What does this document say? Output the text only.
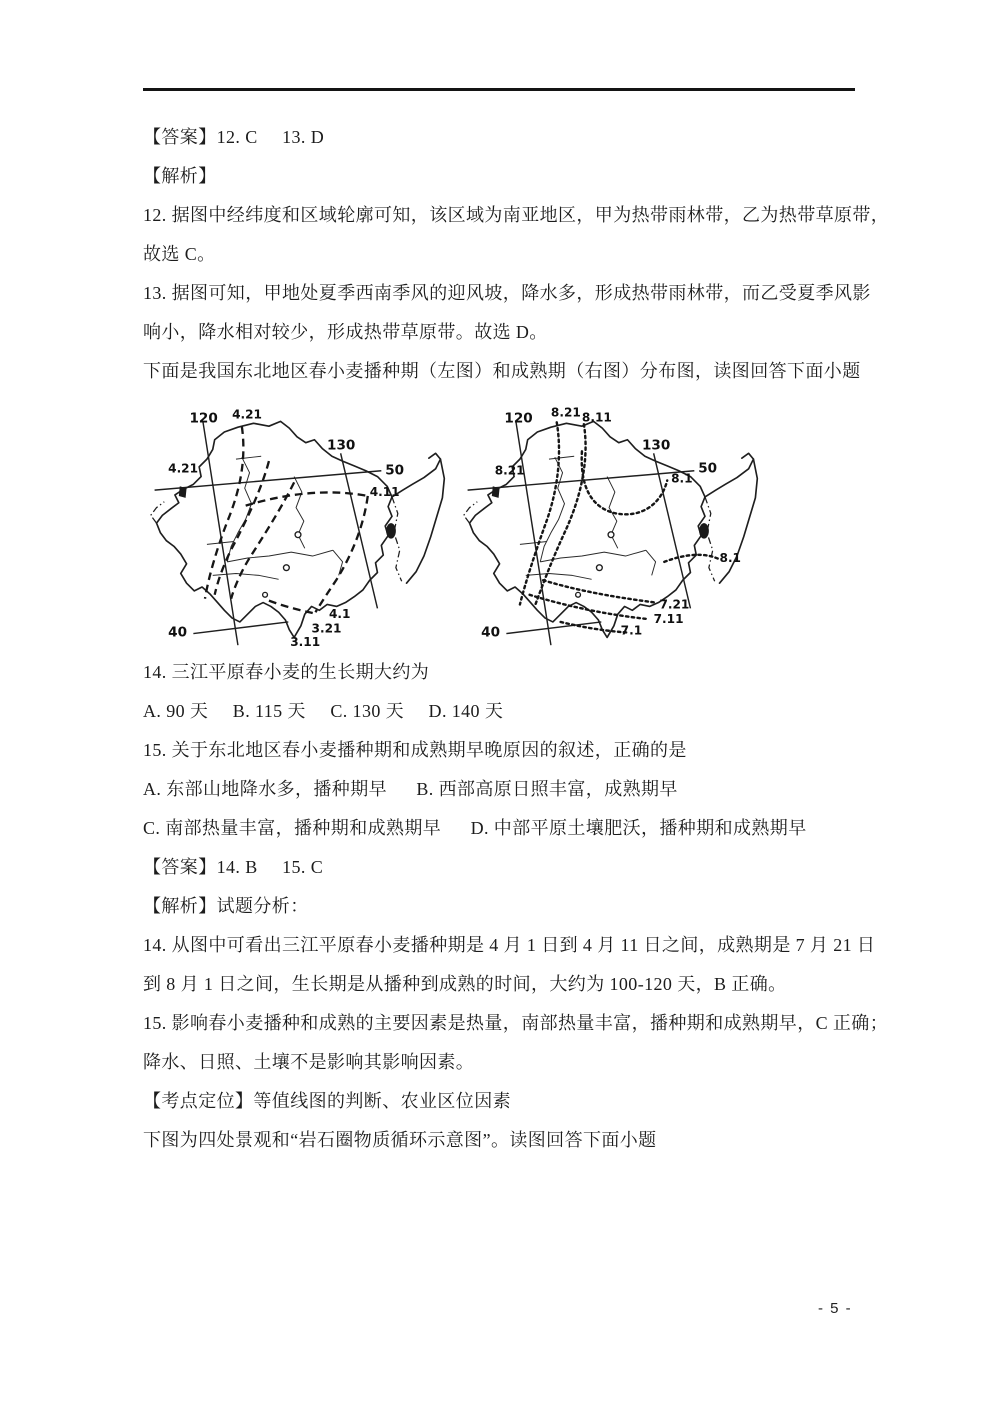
【答案】12. C     13. D
【解析】
12. 据图中经纬度和区域轮廓可知，该区域为南亚地区，甲为热带雨林带，乙为热带草原带，
故选 C。
13. 据图可知，甲地处夏季西南季风的迎风坡，降水多，形成热带雨林带，而乙受夏季风影
响小，降水相对较少，形成热带草原带。故选 D。
下面是我国东北地区春小麦播种期（左图）和成熟期（右图）分布图，读图回答下面小题
120 4.21
130
50
4.21
4.11
4.1
3.21
3.11
40
120 8.21 8.11
130
50
8.21
8.1
8.1
7.21
7.11
7.1
40
14. 三江平原春小麦的生长期大约为
A. 90 天     B. 115 天     C. 130 天     D. 140 天
15. 关于东北地区春小麦播种期和成熟期早晚原因的叙述，正确的是
A. 东部山地降水多，播种期早      B. 西部高原日照丰富，成熟期早
C. 南部热量丰富，播种期和成熟期早      D. 中部平原土壤肥沃，播种期和成熟期早
【答案】14. B     15. C
【解析】试题分析：
14. 从图中可看出三江平原春小麦播种期是 4 月 1 日到 4 月 11 日之间，成熟期是 7 月 21 日
到 8 月 1 日之间，生长期是从播种到成熟的时间，大约为 100-120 天，B 正确。
15. 影响春小麦播种和成熟的主要因素是热量，南部热量丰富，播种期和成熟期早，C 正确；
降水、日照、土壤不是影响其影响因素。
【考点定位】等值线图的判断、农业区位因素
下图为四处景观和“岩石圈物质循环示意图”。读图回答下面小题
- 5 -
